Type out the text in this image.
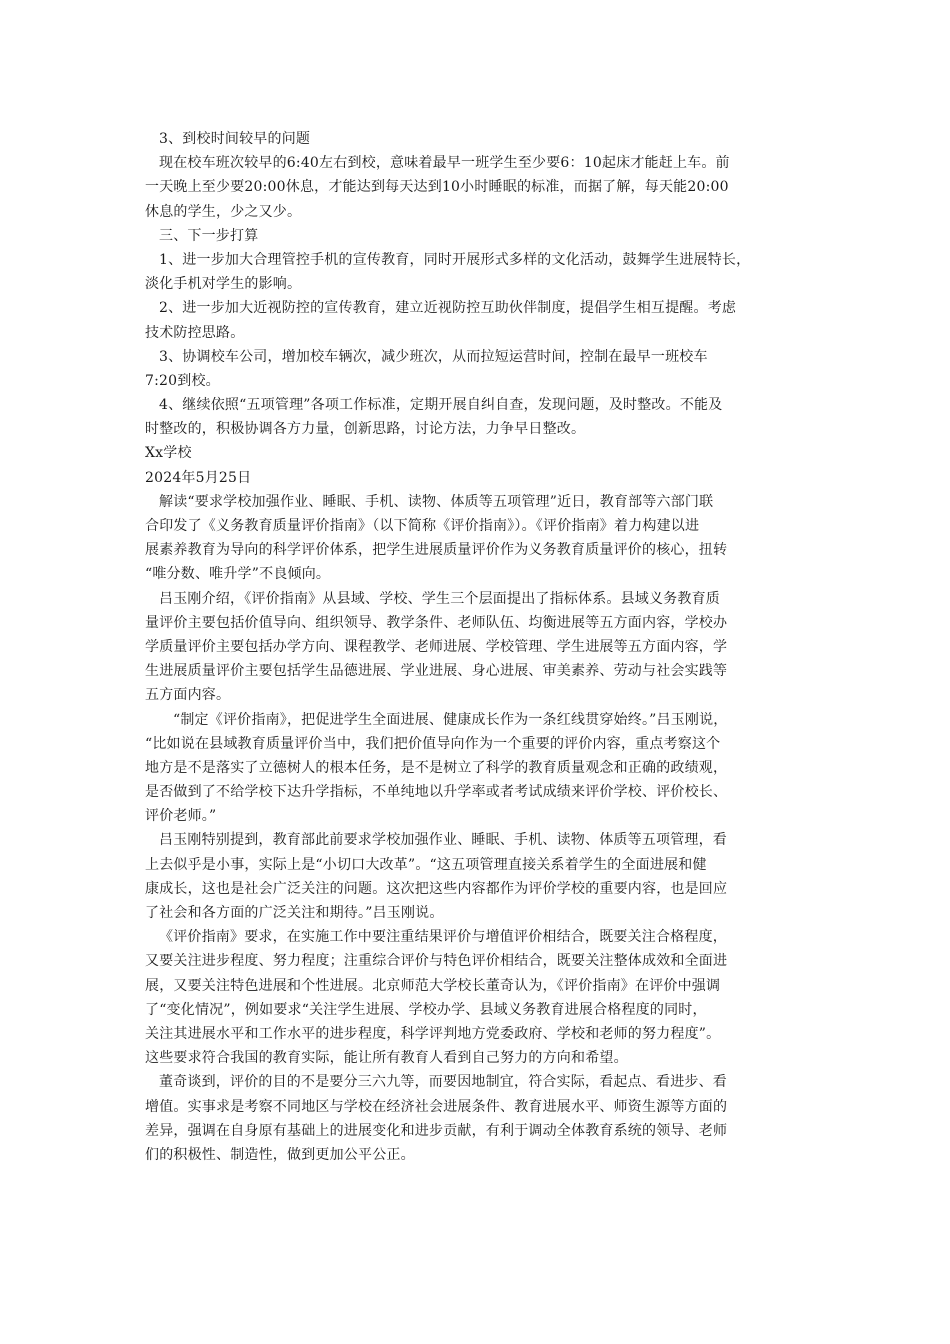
3、到校时间较早的问题
现在校车班次较早的6:40左右到校，意味着最早一班学生至少要6：10起床才能赶上车。前
一天晚上至少要20:00休息，才能达到每天达到10小时睡眠的标准，而据了解，每天能20:00
休息的学生，少之又少。
三、下一步打算
1、进一步加大合理管控手机的宣传教育，同时开展形式多样的文化活动，鼓舞学生进展特长，
淡化手机对学生的影响。
2、进一步加大近视防控的宣传教育，建立近视防控互助伙伴制度，提倡学生相互提醒。考虑
技术防控思路。
3、协调校车公司，增加校车辆次，减少班次，从而拉短运营时间，控制在最早一班校车
7:20到校。
4、继续依照“五项管理”各项工作标准，定期开展自纠自查，发现问题，及时整改。不能及
时整改的，积极协调各方力量，创新思路，讨论方法，力争早日整改。
Xx学校
2024年5月25日
解读“要求学校加强作业、睡眠、手机、读物、体质等五项管理”近日，教育部等六部门联
合印发了《义务教育质量评价指南》（以下简称《评价指南》）。《评价指南》着力构建以进
展素养教育为导向的科学评价体系，把学生进展质量评价作为义务教育质量评价的核心，扭转
“唯分数、唯升学”不良倾向。
吕玉刚介绍，《评价指南》从县域、学校、学生三个层面提出了指标体系。县域义务教育质
量评价主要包括价值导向、组织领导、教学条件、老师队伍、均衡进展等五方面内容，学校办
学质量评价主要包括办学方向、课程教学、老师进展、学校管理、学生进展等五方面内容，学
生进展质量评价主要包括学生品德进展、学业进展、身心进展、审美素养、劳动与社会实践等
五方面内容。
“制定《评价指南》，把促进学生全面进展、健康成长作为一条红线贯穿始终。”吕玉刚说，
“比如说在县域教育质量评价当中，我们把价值导向作为一个重要的评价内容，重点考察这个
地方是不是落实了立德树人的根本任务，是不是树立了科学的教育质量观念和正确的政绩观，
是否做到了不给学校下达升学指标，不单纯地以升学率或者考试成绩来评价学校、评价校长、
评价老师。”
吕玉刚特别提到，教育部此前要求学校加强作业、睡眠、手机、读物、体质等五项管理，看
上去似乎是小事，实际上是“小切口大改革”。“这五项管理直接关系着学生的全面进展和健
康成长，这也是社会广泛关注的问题。这次把这些内容都作为评价学校的重要内容，也是回应
了社会和各方面的广泛关注和期待。”吕玉刚说。
《评价指南》要求，在实施工作中要注重结果评价与增值评价相结合，既要关注合格程度，
又要关注进步程度、努力程度；注重综合评价与特色评价相结合，既要关注整体成效和全面进
展，又要关注特色进展和个性进展。北京师范大学校长董奇认为，《评价指南》在评价中强调
了“变化情况”，例如要求“关注学生进展、学校办学、县域义务教育进展合格程度的同时，
关注其进展水平和工作水平的进步程度，科学评判地方党委政府、学校和老师的努力程度”。
这些要求符合我国的教育实际，能让所有教育人看到自己努力的方向和希望。
董奇谈到，评价的目的不是要分三六九等，而要因地制宜，符合实际，看起点、看进步、看
增值。实事求是考察不同地区与学校在经济社会进展条件、教育进展水平、师资生源等方面的
差异，强调在自身原有基础上的进展变化和进步贡献，有利于调动全体教育系统的领导、老师
们的积极性、制造性，做到更加公平公正。
